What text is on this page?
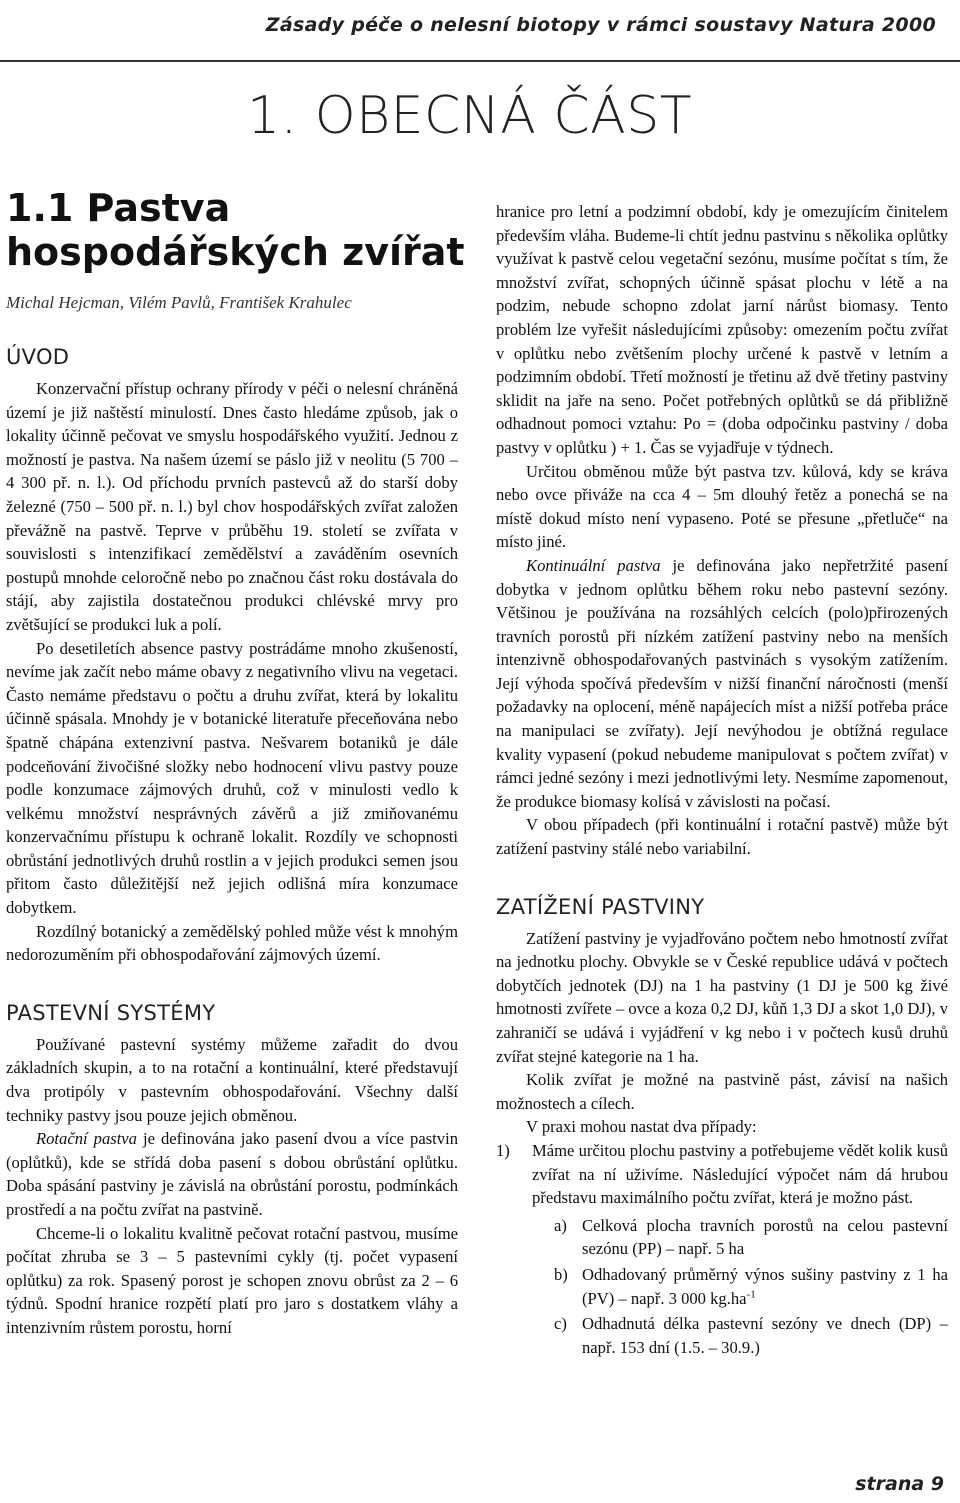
Zásady péče o nelesní biotopy v rámci soustavy Natura 2000
1. OBECNÁ ČÁST
1.1 Pastva
hospodářských zvířat
Michal Hejcman, Vilém Pavlů, František Krahulec
ÚVOD

Konzervační přístup ochrany přírody v péči o nelesní chráněná území je již naštěstí minulostí. Dnes často hledáme způsob, jak o lokality účinně pečovat ve smyslu hospodářského využití. Jednou z možností je pastva. Na našem území se páslo již v neolitu (5 700 – 4 300 př. n. l.). Od příchodu prvních pastevců až do starší doby železné (750 – 500 př. n. l.) byl chov hospodářských zvířat založen převážně na pastvě. Teprve v průběhu 19. století se zvířata v souvislosti s intenzifikací zemědělství a zaváděním osevních postupů mnohde celoročně nebo po značnou část roku dostávala do stájí, aby zajistila dostatečnou produkci chlévské mrvy pro zvětšující se produkci luk a polí.

Po desetiletích absence pastvy postrádáme mnoho zkušeností, nevíme jak začít nebo máme obavy z negativního vlivu na vegetaci. Často nemáme představu o počtu a druhu zvířat, která by lokalitu účinně spásala. Mnohdy je v botanické literatuře přeceňována nebo špatně chápána extenzivní pastva. Nešvarem botaniků je dále podceňování živočišné složky nebo hodnocení vlivu pastvy pouze podle konzumace zájmových druhů, což v minulosti vedlo k velkému množství nesprávných závěrů a již zmiňovanému konzervačnímu přístupu k ochraně lokalit. Rozdíly ve schopnosti obrůstání jednotlivých druhů rostlin a v jejich produkci semen jsou přitom často důležitější než jejich odlišná míra konzumace dobytkem.

Rozdílný botanický a zemědělský pohled může vést k mnohým nedorozuměním při obhospodařování zájmových území.

PASTEVNÍ SYSTÉMY

Používané pastevní systémy můžeme zařadit do dvou základních skupin, a to na rotační a kontinuální, které představují dva protipóly v pastevním obhospodařování. Všechny další techniky pastvy jsou pouze jejich obměnou.

Rotační pastva je definována jako pasení dvou a více pastvin (oplůtků), kde se střídá doba pasení s dobou obrůstání oplůtku. Doba spásání pastviny je závislá na obrůstání porostu, podmínkách prostředí a na počtu zvířat na pastvině.

Chceme-li o lokalitu kvalitně pečovat rotační pastvou, musíme počítat zhruba se 3 – 5 pastevními cykly (tj. počet vypasení oplůtku) za rok. Spasený porost je schopen znovu obrůst za 2 – 6 týdnů. Spodní hranice rozpětí platí pro jaro s dostatkem vláhy a intenzivním růstem porostu, horní

hranice pro letní a podzimní období, kdy je omezujícím činitelem především vláha. Budeme-li chtít jednu pastvinu s několika oplůtky využívat k pastvě celou vegetační sezónu, musíme počítat s tím, že množství zvířat, schopných účinně spásat plochu v létě a na podzim, nebude schopno zdolat jarní nárůst biomasy. Tento problém lze vyřešit následujícími způsoby: omezením počtu zvířat v oplůtku nebo zvětšením plochy určené k pastvě v letním a podzimním období. Třetí možností je třetinu až dvě třetiny pastviny sklidit na jaře na seno. Počet potřebných oplůtků se dá přibližně odhadnout pomoci vztahu: Po = (doba odpočinku pastviny / doba pastvy v oplůtku ) + 1. Čas se vyjadřuje v týdnech.

Určitou obměnou může být pastva tzv. kůlová, kdy se kráva nebo ovce přiváže na cca 4 – 5m dlouhý řetěz a ponechá se na místě dokud místo není vypaseno. Poté se přesune „přetluče“ na místo jiné.

Kontinuální pastva je definována jako nepřetržité pasení dobytka v jednom oplůtku během roku nebo pastevní sezóny. Většinou je používána na rozsáhlých celcích (polo)přirozených travních porostů při nízkém zatížení pastviny nebo na menších intenzivně obhospodařovaných pastvinách s vysokým zatížením. Její výhoda spočívá především v nižší finanční náročnosti (menší požadavky na oplocení, méně napájecích míst a nižší potřeba práce na manipulaci se zvířaty). Její nevýhodou je obtížná regulace kvality vypasení (pokud nebudeme manipulovat s počtem zvířat) v rámci jedné sezóny i mezi jednotlivými lety. Nesmíme zapomenout, že produkce biomasy kolísá v závislosti na počasí.

V obou případech (při kontinuální i rotační pastvě) může být zatížení pastviny stálé nebo variabilní.

ZATÍŽENÍ PASTVINY

Zatížení pastviny je vyjadřováno počtem nebo hmotností zvířat na jednotku plochy. Obvykle se v České republice udává v počtech dobytčích jednotek (DJ) na 1 ha pastviny (1 DJ je 500 kg živé hmotnosti zvířete – ovce a koza 0,2 DJ, kůň 1,3 DJ a skot 1,0 DJ), v zahraničí se udává i vyjádření v kg nebo i v počtech kusů druhů zvířat stejné kategorie na 1 ha.

Kolik zvířat je možné na pastvině pást, závisí na našich možnostech a cílech.

V praxi mohou nastat dva případy:

1) Máme určitou plochu pastviny a potřebujeme vědět kolik kusů zvířat na ní uživíme. Následující výpočet nám dá hrubou představu maximálního počtu zvířat, která je možno pást.
a) Celková plocha travních porostů na celou pastevní sezónu (PP) – např. 5 ha
b) Odhadovaný průměrný výnos sušiny pastviny z 1 ha (PV) – např. 3 000 $kg.ha^{-1}$
c) Odhadnutá délka pastevní sezóny ve dnech (DP) – např. 153 dní (1.5. – 30.9.)
strana 9
